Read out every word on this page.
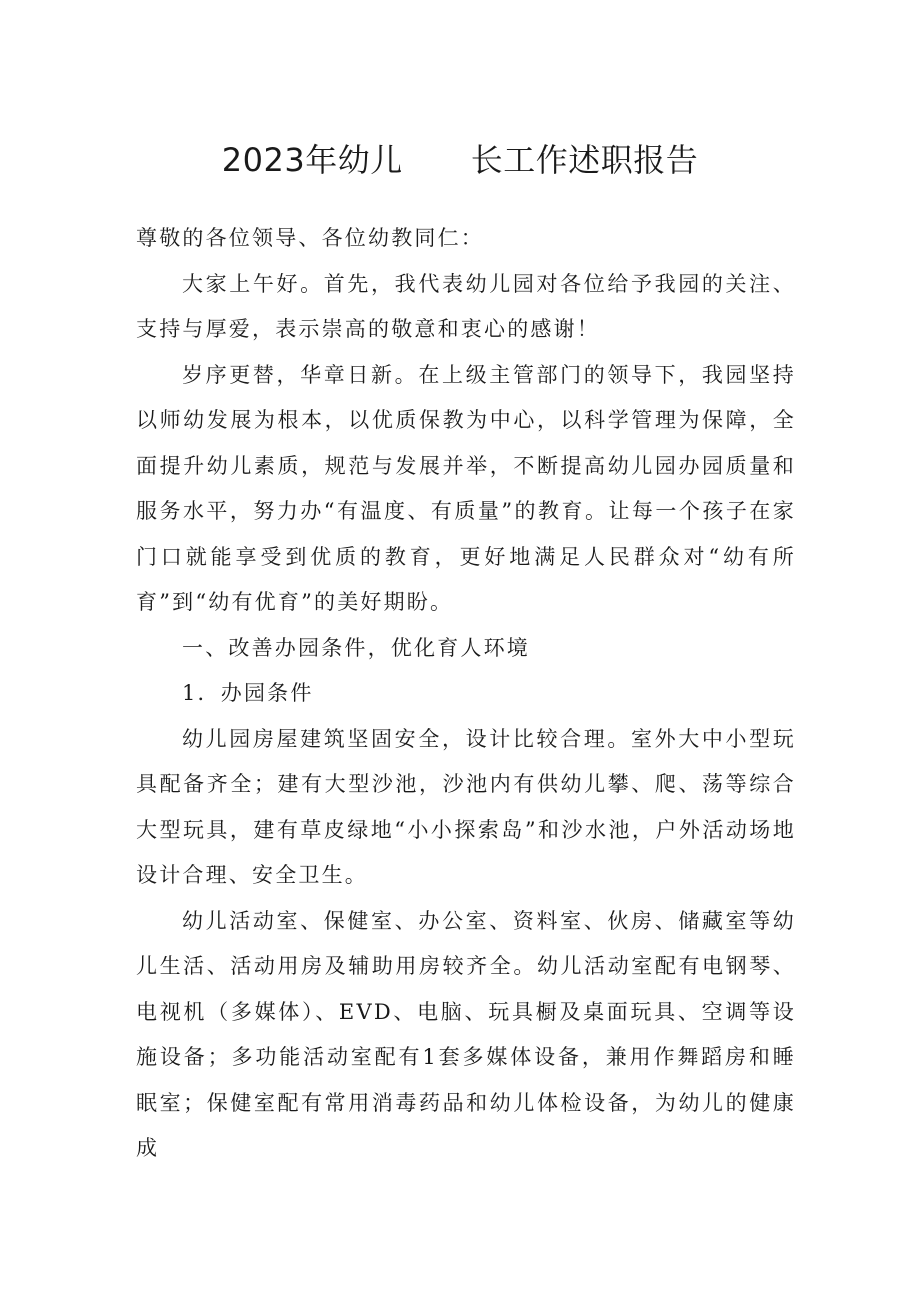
2023年幼儿 长工作述职报告

尊敬的各位领导、各位幼教同仁：

大家上午好。首先，我代表幼儿园对各位给予我园的关注、支持与厚爱，表示崇高的敬意和衷心的感谢！

岁序更替，华章日新。在上级主管部门的领导下，我园坚持以师幼发展为根本，以优质保教为中心，以科学管理为保障，全面提升幼儿素质，规范与发展并举，不断提高幼儿园办园质量和服务水平，努力办“有温度、有质量”的教育。让每一个孩子在家门口就能享受到优质的教育，更好地满足人民群众对“幼有所育”到“幼有优育”的美好期盼。

一、改善办园条件，优化育人环境

1．办园条件

幼儿园房屋建筑坚固安全，设计比较合理。室外大中小型玩具配备齐全；建有大型沙池，沙池内有供幼儿攀、爬、荡等综合大型玩具，建有草皮绿地“小小探索岛”和沙水池，户外活动场地设计合理、安全卫生。

幼儿活动室、保健室、办公室、资料室、伙房、储藏室等幼儿生活、活动用房及辅助用房较齐全。幼儿活动室配有电钢琴、电视机（多媒体）、EVD、电脑、玩具橱及桌面玩具、空调等设施设备；多功能活动室配有1套多媒体设备，兼用作舞蹈房和睡眠室；保健室配有常用消毒药品和幼儿体检设备，为幼儿的健康成
